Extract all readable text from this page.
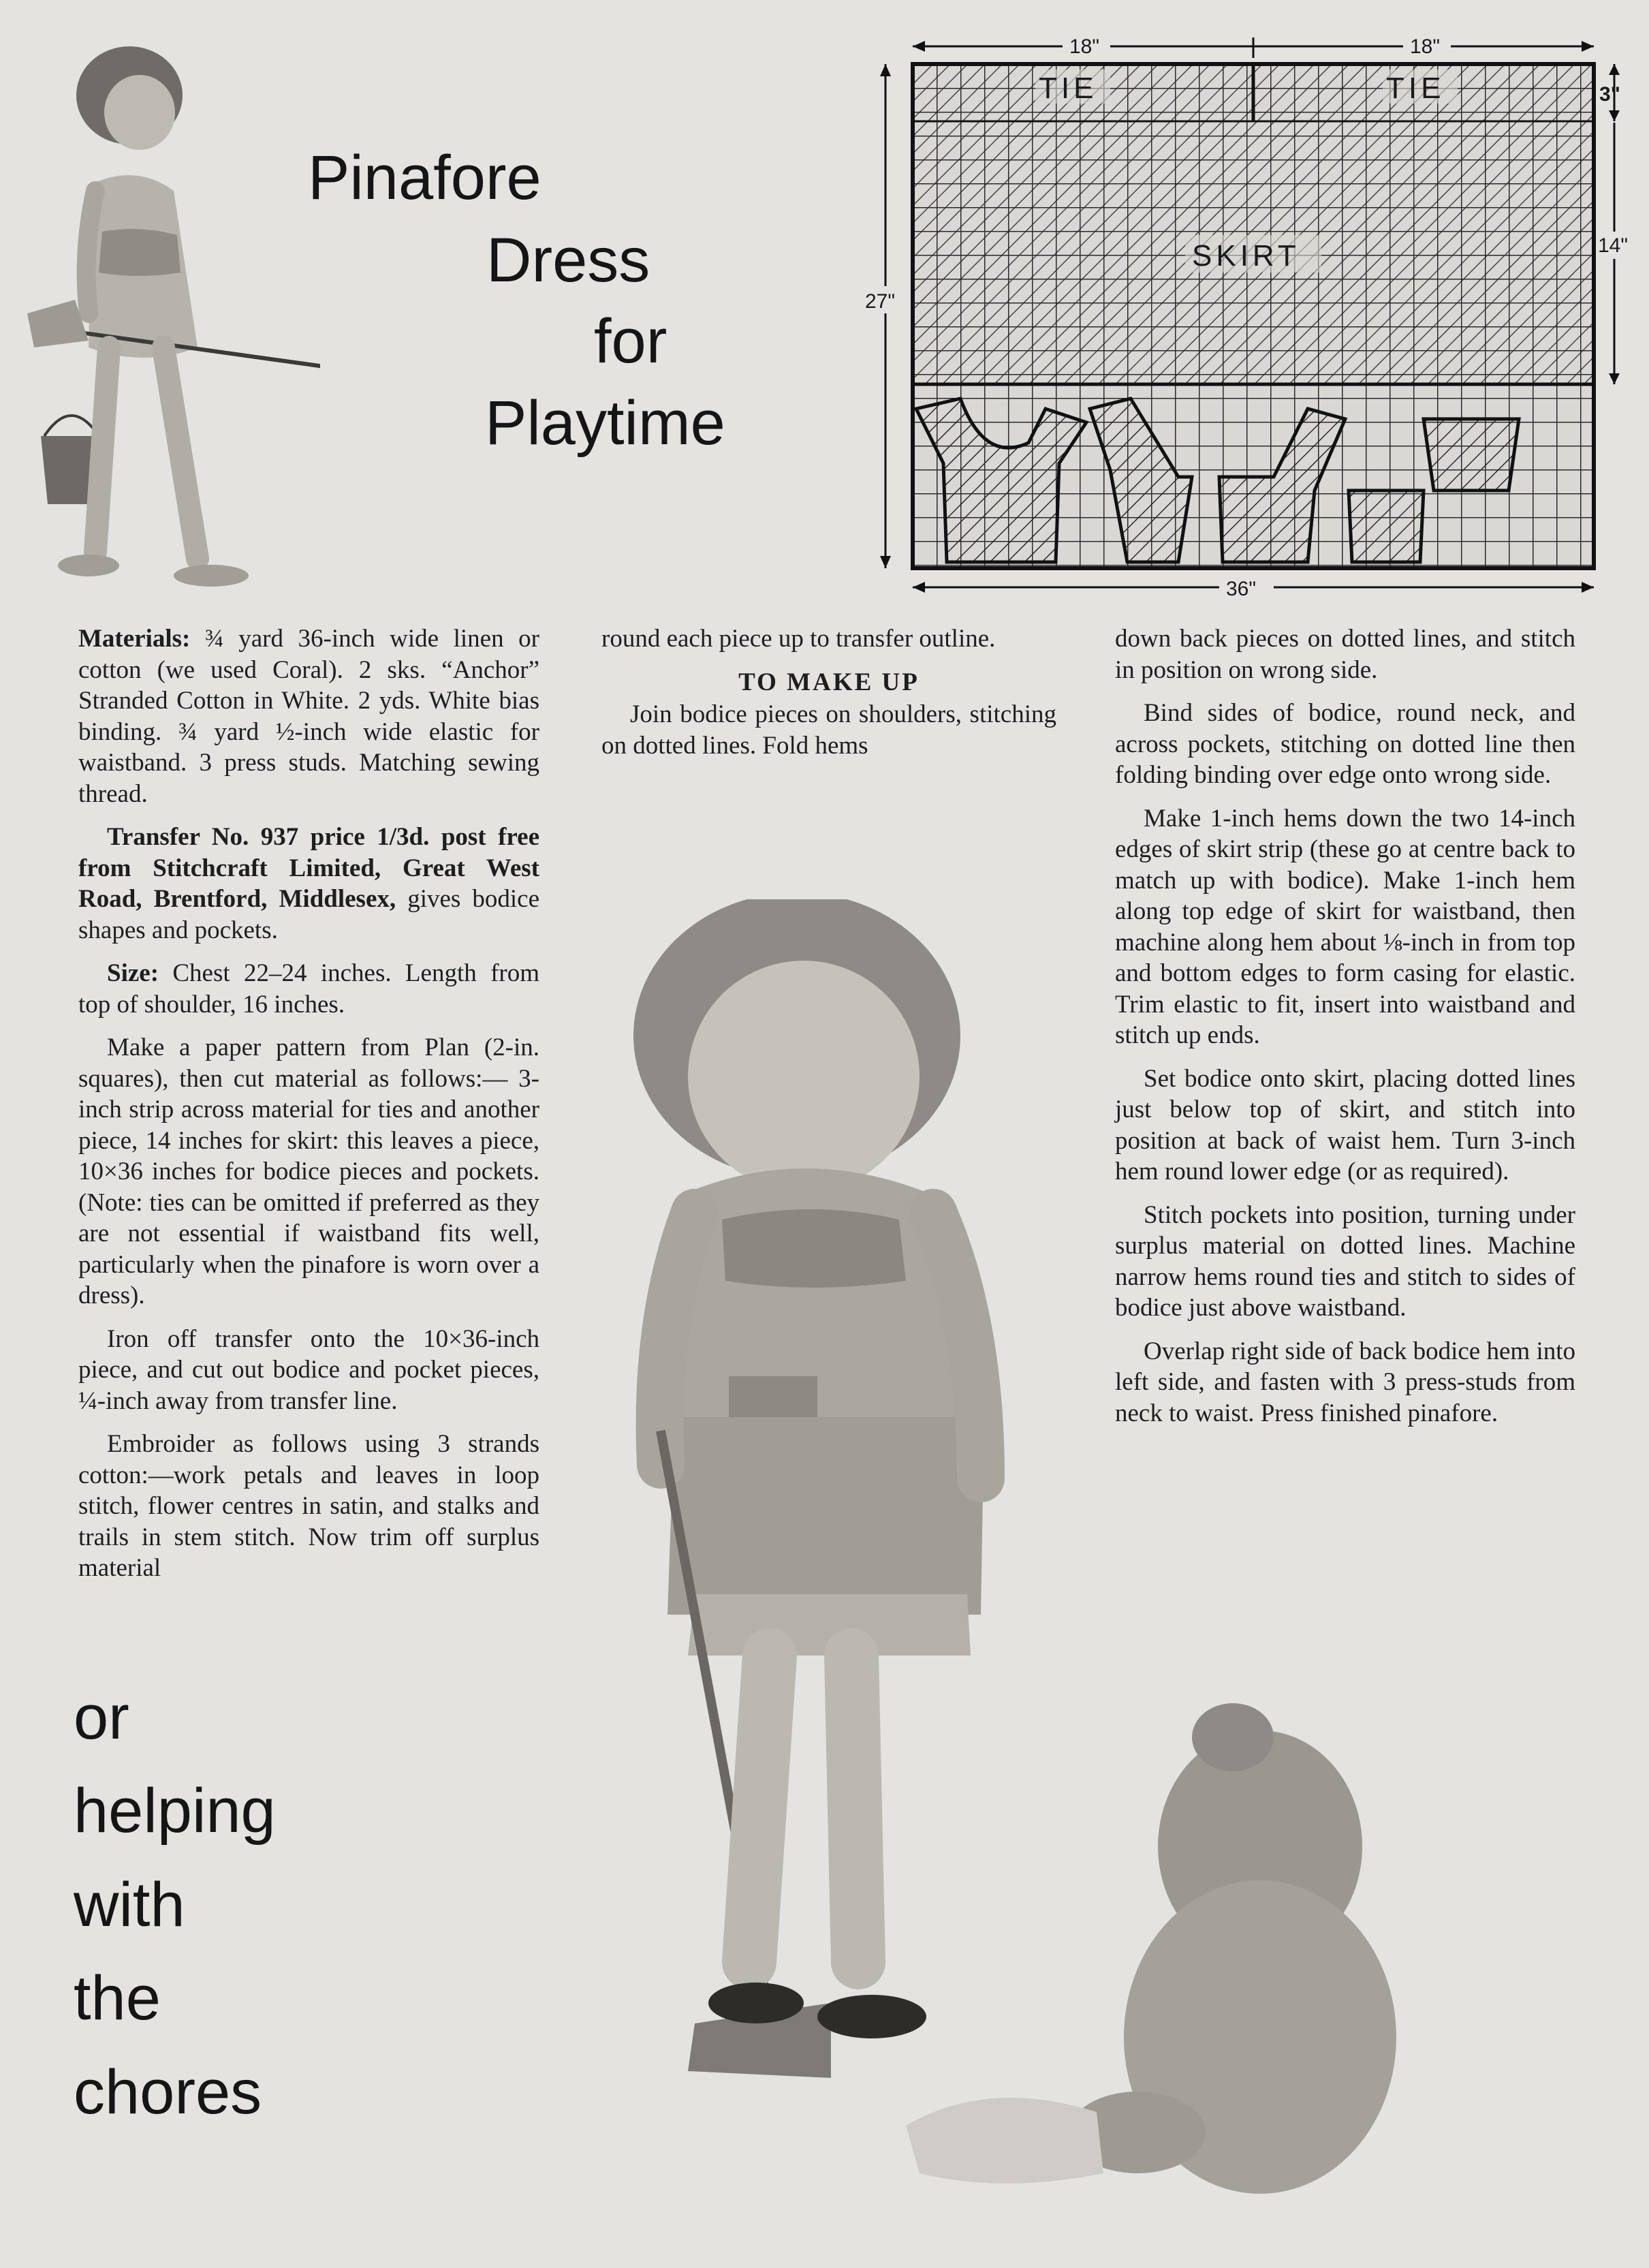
Pinafore
Dress
for
Playtime
18"	18"
36"
27"
3"
14"
TIE	TIE
SKIRT

Materials: ¾ yard 36-inch wide linen or cotton (we used Coral). 2 sks. “Anchor” Stranded Cotton in White. 2 yds. White bias binding. ¾ yard ½-inch wide elastic for waistband. 3 press studs. Matching sewing thread.

Transfer No. 937 price 1/3d. post free from Stitchcraft Limited, Great West Road, Brentford, Middlesex, gives bodice shapes and pockets.

Size: Chest 22–24 inches. Length from top of shoulder, 16 inches.

Make a paper pattern from Plan (2-in. squares), then cut material as follows:— 3-inch strip across material for ties and another piece, 14 inches for skirt: this leaves a piece, 10×36 inches for bodice pieces and pockets. (Note: ties can be omitted if preferred as they are not essential if waistband fits well, particularly when the pinafore is worn over a dress).

Iron off transfer onto the 10×36-inch piece, and cut out bodice and pocket pieces, ¼-inch away from transfer line.

Embroider as follows using 3 strands cotton:—work petals and leaves in loop stitch, flower centres in satin, and stalks and trails in stem stitch. Now trim off surplus material

round each piece up to transfer outline.

TO MAKE UP

Join bodice pieces on shoulders, stitching on dotted lines. Fold hems

down back pieces on dotted lines, and stitch in position on wrong side.

Bind sides of bodice, round neck, and across pockets, stitching on dotted line then folding binding over edge onto wrong side.

Make 1-inch hems down the two 14-inch edges of skirt strip (these go at centre back to match up with bodice). Make 1-inch hem along top edge of skirt for waistband, then machine along hem about ⅛-inch in from top and bottom edges to form casing for elastic. Trim elastic to fit, insert into waistband and stitch up ends.

Set bodice onto skirt, placing dotted lines just below top of skirt, and stitch into position at back of waist hem. Turn 3-inch hem round lower edge (or as required).

Stitch pockets into position, turning under surplus material on dotted lines. Machine narrow hems round ties and stitch to sides of bodice just above waistband.

Overlap right side of back bodice hem into left side, and fasten with 3 press-studs from neck to waist. Press finished pinafore.

or
helping
with
the
chores
